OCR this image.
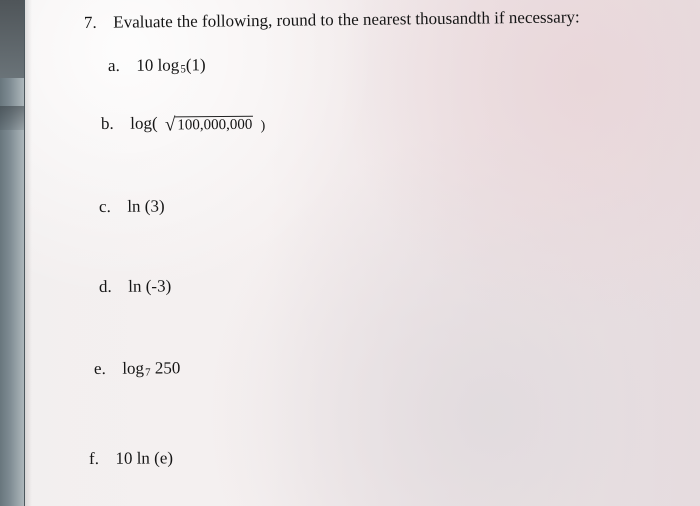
7. Evaluate the following, round to the nearest thousandth if necessary:
a. 10 $\log_5(1)$
b. log( √ 100,000,000 )
c. ln (3)
d. ln (-3)
e. $\log_7 250$
f. 10 ln (e)
